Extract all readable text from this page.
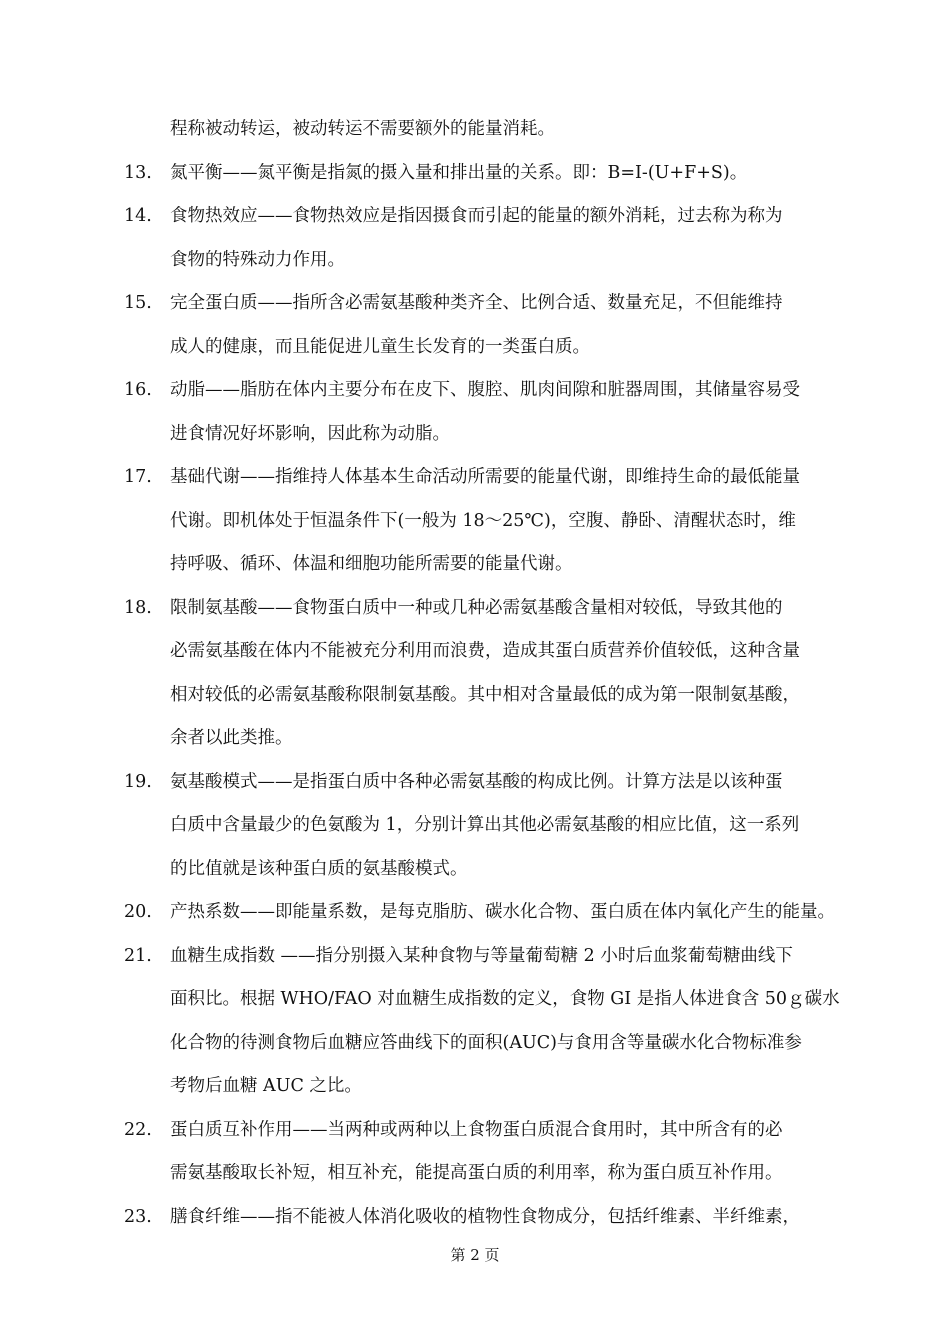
程称被动转运，被动转运不需要额外的能量消耗。
13.	氮平衡——氮平衡是指氮的摄入量和排出量的关系。即：B=I-(U+F+S)。
14.	食物热效应——食物热效应是指因摄食而引起的能量的额外消耗，过去称为称为
食物的特殊动力作用。
15.	完全蛋白质——指所含必需氨基酸种类齐全、比例合适、数量充足，不但能维持
成人的健康，而且能促进儿童生长发育的一类蛋白质。
16.	动脂——脂肪在体内主要分布在皮下、腹腔、肌肉间隙和脏器周围，其储量容易受
进食情况好坏影响，因此称为动脂。
17.	基础代谢——指维持人体基本生命活动所需要的能量代谢，即维持生命的最低能量
代谢。即机体处于恒温条件下(一般为 18～25℃)，空腹、静卧、清醒状态时，维
持呼吸、循环、体温和细胞功能所需要的能量代谢。
18.	限制氨基酸——食物蛋白质中一种或几种必需氨基酸含量相对较低，导致其他的
必需氨基酸在体内不能被充分利用而浪费，造成其蛋白质营养价值较低，这种含量
相对较低的必需氨基酸称限制氨基酸。其中相对含量最低的成为第一限制氨基酸，
余者以此类推。
19.	氨基酸模式——是指蛋白质中各种必需氨基酸的构成比例。计算方法是以该种蛋
白质中含量最少的色氨酸为 1，分别计算出其他必需氨基酸的相应比值，这一系列
的比值就是该种蛋白质的氨基酸模式。
20.	产热系数——即能量系数，是每克脂肪、碳水化合物、蛋白质在体内氧化产生的能量。
21.	血糖生成指数 ——指分别摄入某种食物与等量葡萄糖 2 小时后血浆葡萄糖曲线下
面积比。根据 WHO/FAO 对血糖生成指数的定义，食物 GI 是指人体进食含 50ｇ碳水
化合物的待测食物后血糖应答曲线下的面积(AUC)与食用含等量碳水化合物标准参
考物后血糖 AUC 之比。
22.	蛋白质互补作用——当两种或两种以上食物蛋白质混合食用时，其中所含有的必
需氨基酸取长补短，相互补充，能提高蛋白质的利用率，称为蛋白质互补作用。
23.	膳食纤维——指不能被人体消化吸收的植物性食物成分，包括纤维素、半纤维素，
第 2 页
